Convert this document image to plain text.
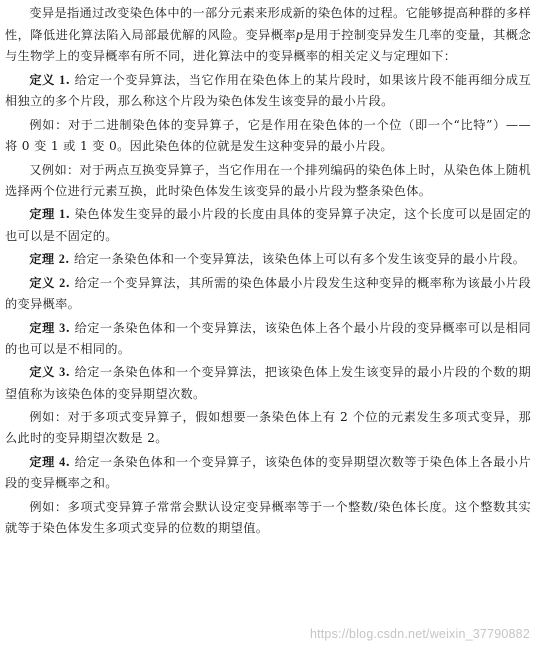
变异是指通过改变染色体中的一部分元素来形成新的染色体的过程。它能够提高种群的多样性，降低进化算法陷入局部最优解的风险。变异概率p是用于控制变异发生几率的变量，其概念与生物学上的变异概率有所不同，进化算法中的变异概率的相关定义与定理如下：

定义 1. 给定一个变异算法，当它作用在染色体上的某片段时，如果该片段不能再细分成互相独立的多个片段，那么称这个片段为染色体发生该变异的最小片段。

例如：对于二进制染色体的变异算子，它是作用在染色体的一个位（即一个“比特”）——将 0 变 1 或 1 变 0。因此染色体的位就是发生这种变异的最小片段。

又例如：对于两点互换变异算子，当它作用在一个排列编码的染色体上时，从染色体上随机选择两个位进行元素互换，此时染色体发生该变异的最小片段为整条染色体。

定理 1. 染色体发生变异的最小片段的长度由具体的变异算子决定，这个长度可以是固定的也可以是不固定的。

定理 2. 给定一条染色体和一个变异算法，该染色体上可以有多个发生该变异的最小片段。

定义 2. 给定一个变异算法，其所需的染色体最小片段发生这种变异的概率称为该最小片段的变异概率。

定理 3. 给定一条染色体和一个变异算法，该染色体上各个最小片段的变异概率可以是相同的也可以是不相同的。

定义 3. 给定一条染色体和一个变异算法，把该染色体上发生该变异的最小片段的个数的期望值称为该染色体的变异期望次数。

例如：对于多项式变异算子，假如想要一条染色体上有 2 个位的元素发生多项式变异，那么此时的变异期望次数是 2。

定理 4. 给定一条染色体和一个变异算子，该染色体的变异期望次数等于染色体上各最小片段的变异概率之和。

例如：多项式变异算子常常会默认设定变异概率等于一个整数/染色体长度。这个整数其实就等于染色体发生多项式变异的位数的期望值。

https://blog.csdn.net/weixin_37790882
